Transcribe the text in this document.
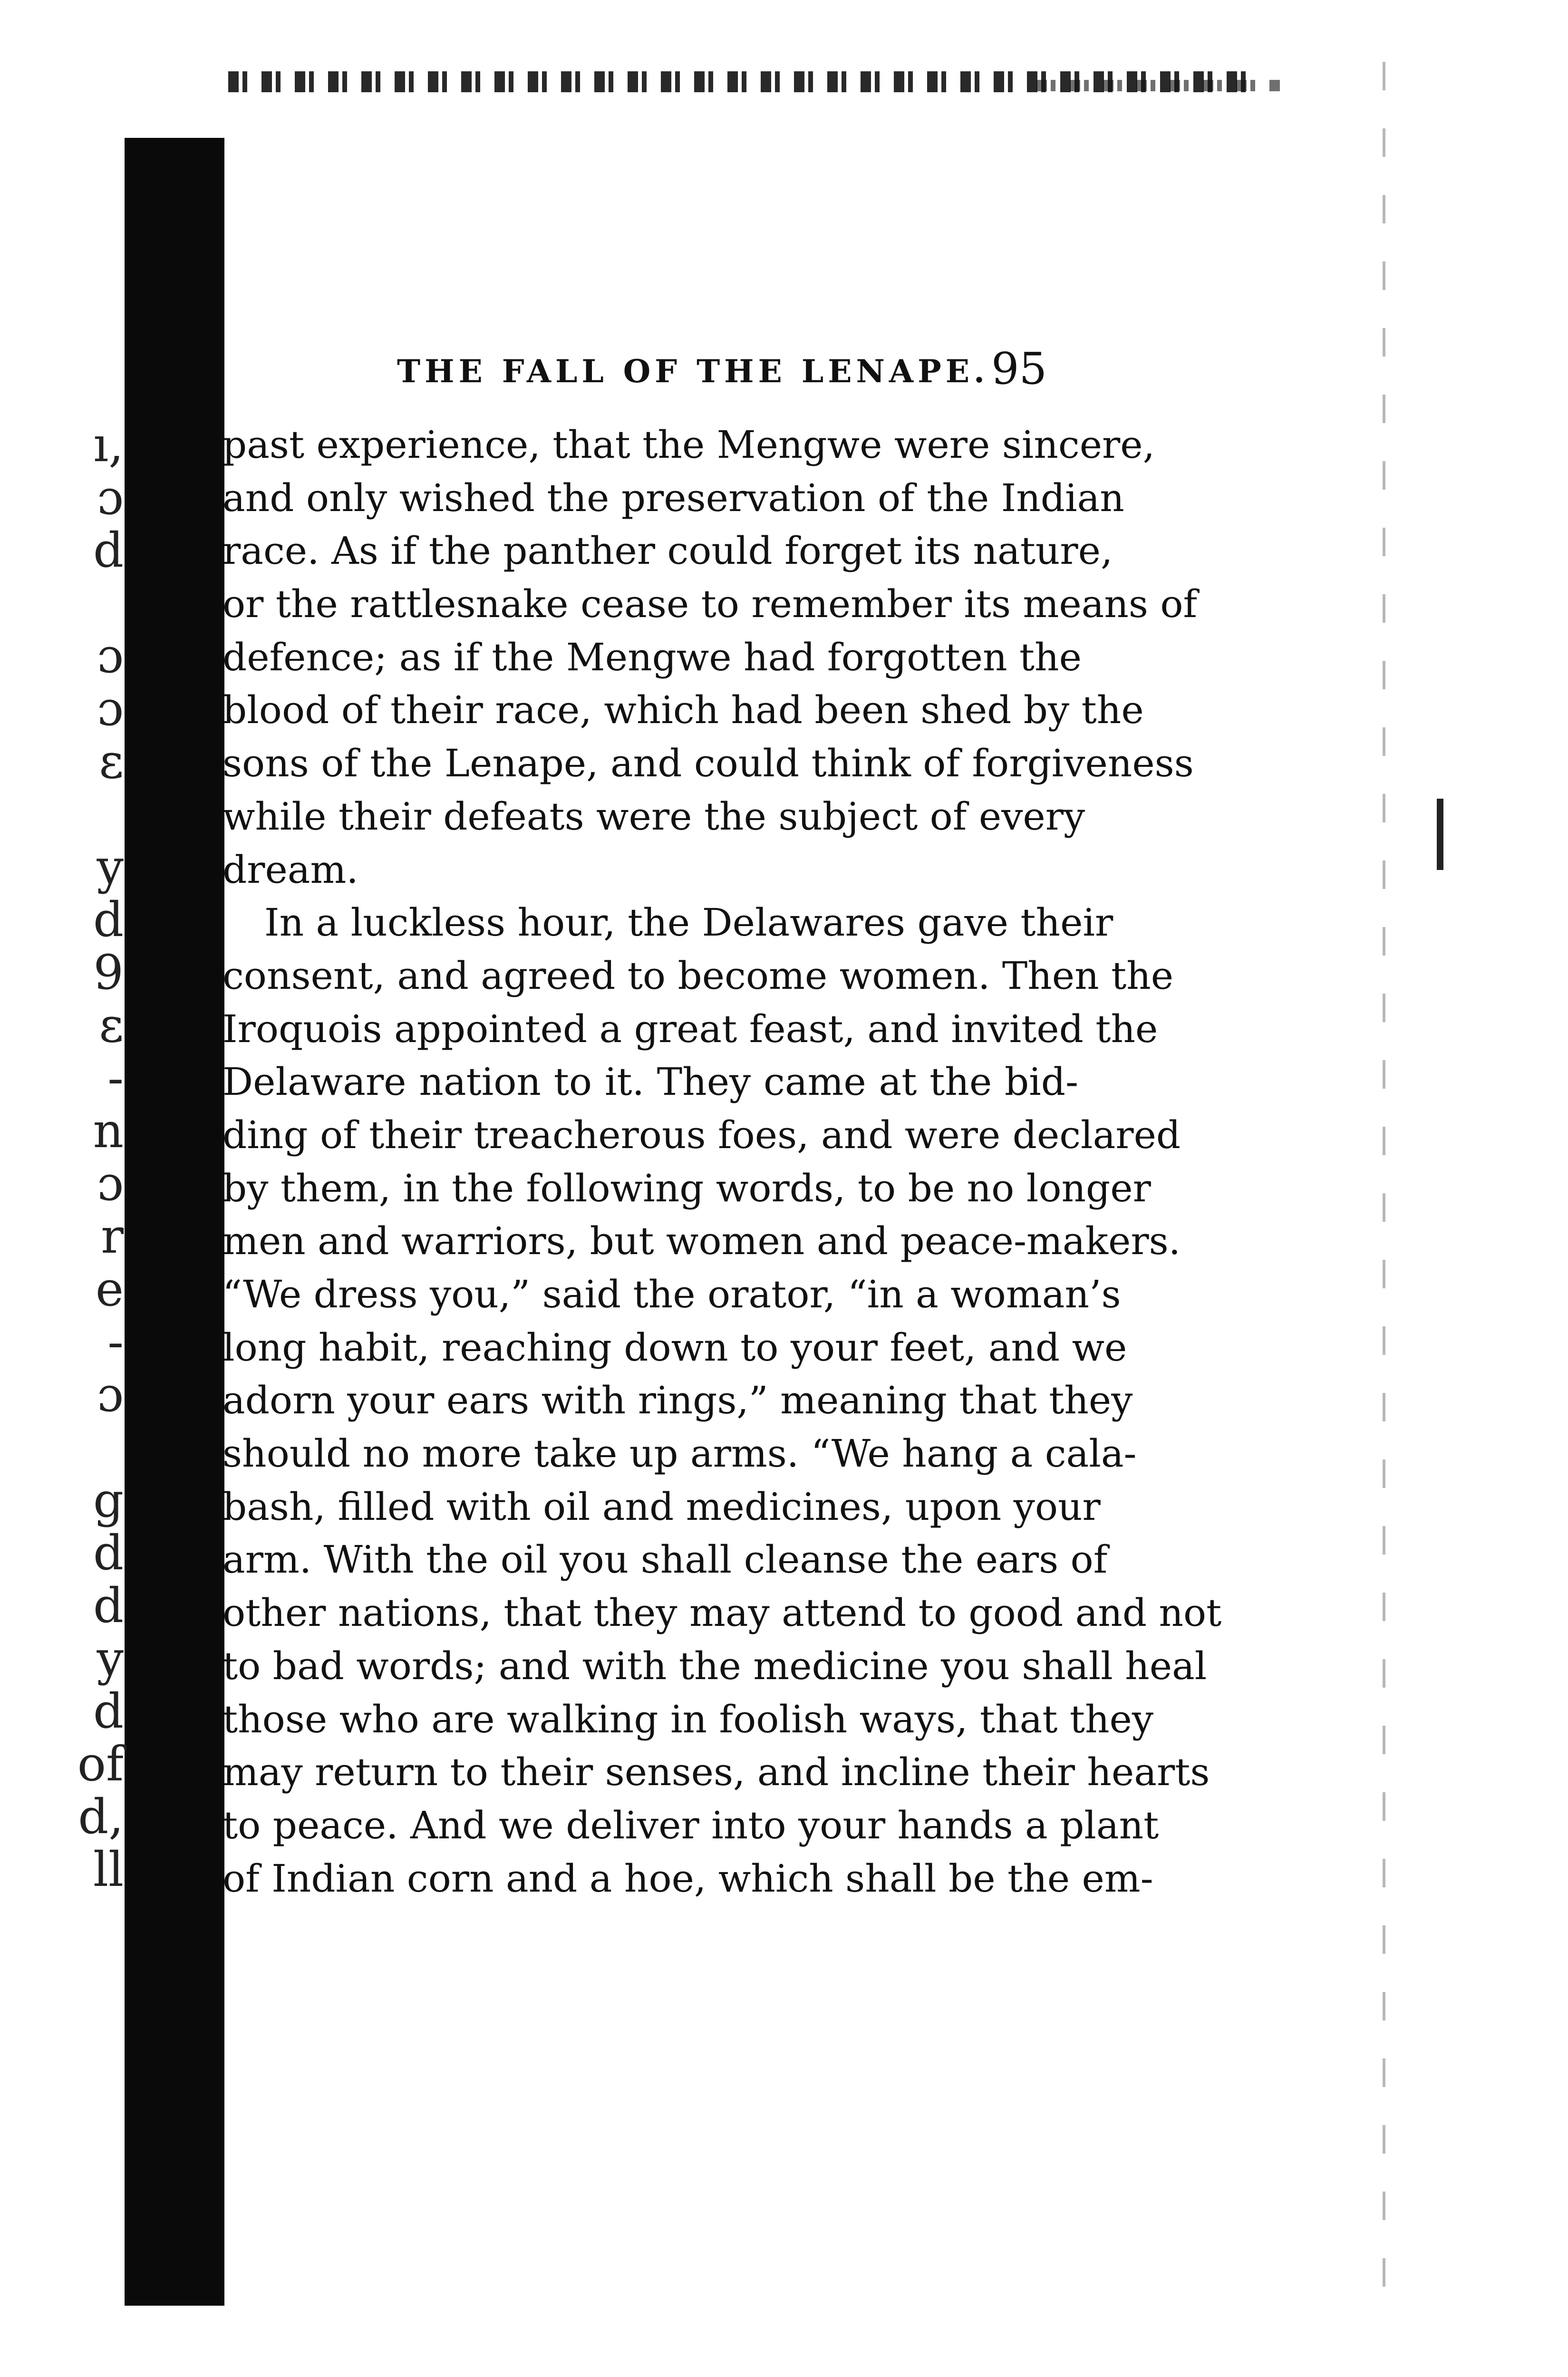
ı,
ɔ
d
ɔ
ɔ
ɛ
y
d
9
ɛ
-
n
ɔ
r
e
-
ɔ
g
d
d
y
d
of
d,
ll
THE FALL OF THE LENAPE. 95
past experience, that the Mengwe were sincere,
and only wished the preservation of the Indian
race. As if the panther could forget its nature,
or the rattlesnake cease to remember its means of
defence; as if the Mengwe had forgotten the
blood of their race, which had been shed by the
sons of the Lenape, and could think of forgiveness
while their defeats were the subject of every
dream.
In a luckless hour, the Delawares gave their
consent, and agreed to become women. Then the
Iroquois appointed a great feast, and invited the
Delaware nation to it. They came at the bid-
ding of their treacherous foes, and were declared
by them, in the following words, to be no longer
men and warriors, but women and peace-makers.
“We dress you,” said the orator, “in a woman’s
long habit, reaching down to your feet, and we
adorn your ears with rings,” meaning that they
should no more take up arms. “We hang a cala-
bash, filled with oil and medicines, upon your
arm. With the oil you shall cleanse the ears of
other nations, that they may attend to good and not
to bad words; and with the medicine you shall heal
those who are walking in foolish ways, that they
may return to their senses, and incline their hearts
to peace. And we deliver into your hands a plant
of Indian corn and a hoe, which shall be the em-
